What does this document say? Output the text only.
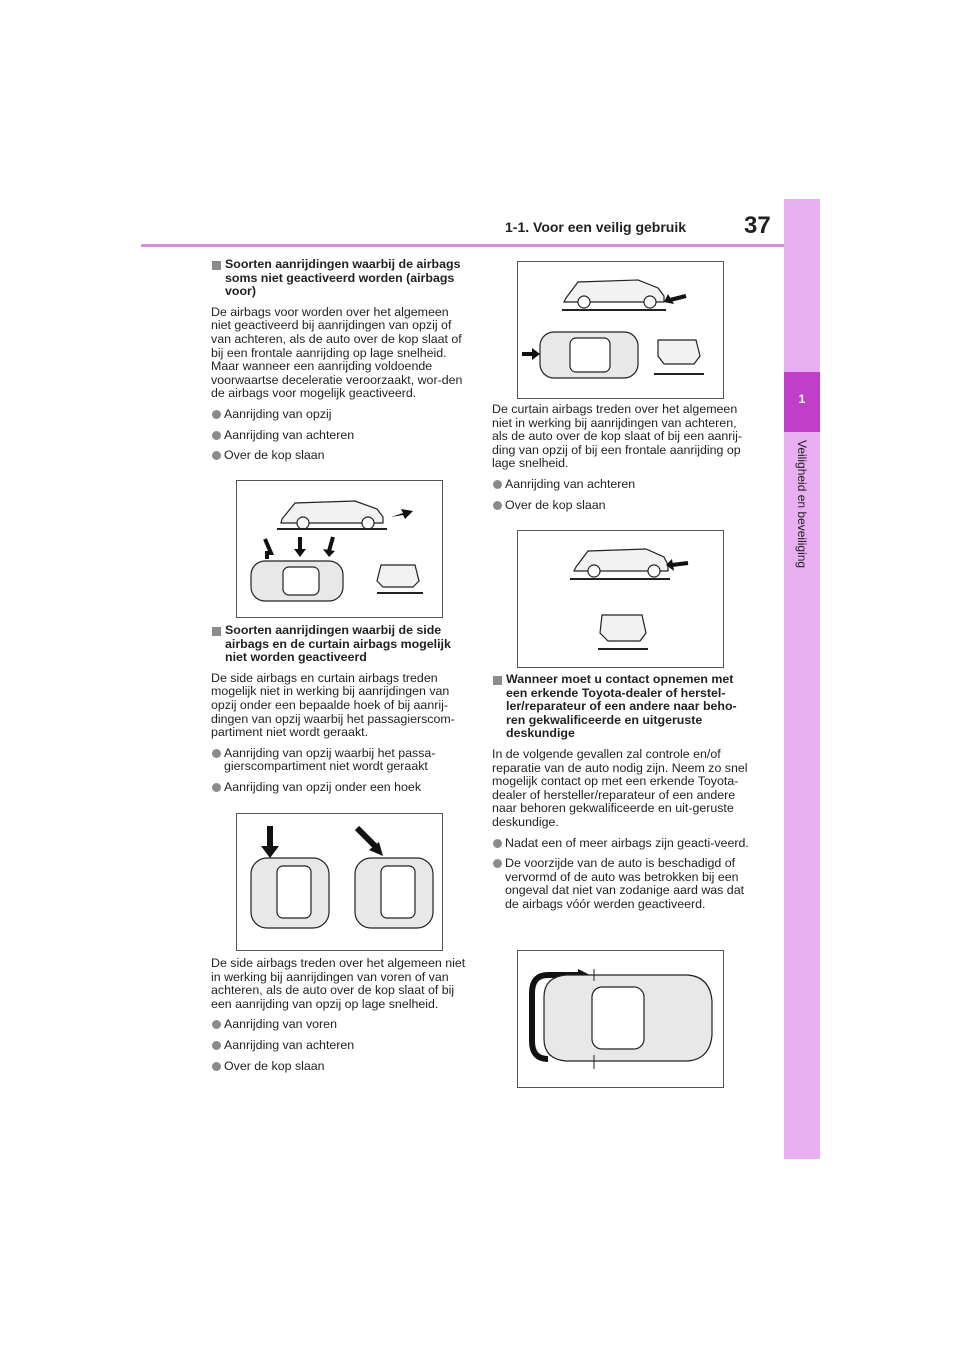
1-1. Voor een veilig gebruik 37
1
Veiligheid en beveiliging

Soorten aanrijdingen waarbij de airbags soms niet geactiveerd worden (airbags voor)

De airbags voor worden over het algemeen niet geactiveerd bij aanrijdingen van opzij of van achteren, als de auto over de kop slaat of bij een frontale aanrijding op lage snelheid. Maar wanneer een aanrijding voldoende voorwaartse deceleratie veroorzaakt, wor-den de airbags voor mogelijk geactiveerd.

Aanrijding van opzij

Aanrijding van achteren

Over de kop slaan

Soorten aanrijdingen waarbij de side airbags en de curtain airbags mogelijk niet worden geactiveerd

De side airbags en curtain airbags treden mogelijk niet in werking bij aanrijdingen van opzij onder een bepaalde hoek of bij aanrij-dingen van opzij waarbij het passagierscom-partiment niet wordt geraakt.

Aanrijding van opzij waarbij het passa-gierscompartiment niet wordt geraakt

Aanrijding van opzij onder een hoek

De side airbags treden over het algemeen niet in werking bij aanrijdingen van voren of van achteren, als de auto over de kop slaat of bij een aanrijding van opzij op lage snelheid.

Aanrijding van voren

Aanrijding van achteren

Over de kop slaan

De curtain airbags treden over het algemeen niet in werking bij aanrijdingen van achteren, als de auto over de kop slaat of bij een aanrij-ding van opzij of bij een frontale aanrijding op lage snelheid.

Aanrijding van achteren

Over de kop slaan

Wanneer moet u contact opnemen met een erkende Toyota-dealer of herstel-ler/reparateur of een andere naar beho-ren gekwalificeerde en uitgeruste deskundige

In de volgende gevallen zal controle en/of reparatie van de auto nodig zijn. Neem zo snel mogelijk contact op met een erkende Toyota-dealer of hersteller/reparateur of een andere naar behoren gekwalificeerde en uit-geruste deskundige.

Nadat een of meer airbags zijn geacti-veerd.

De voorzijde van de auto is beschadigd of vervormd of de auto was betrokken bij een ongeval dat niet van zodanige aard was dat de airbags vóór werden geactiveerd.

carmanualsonline.info
